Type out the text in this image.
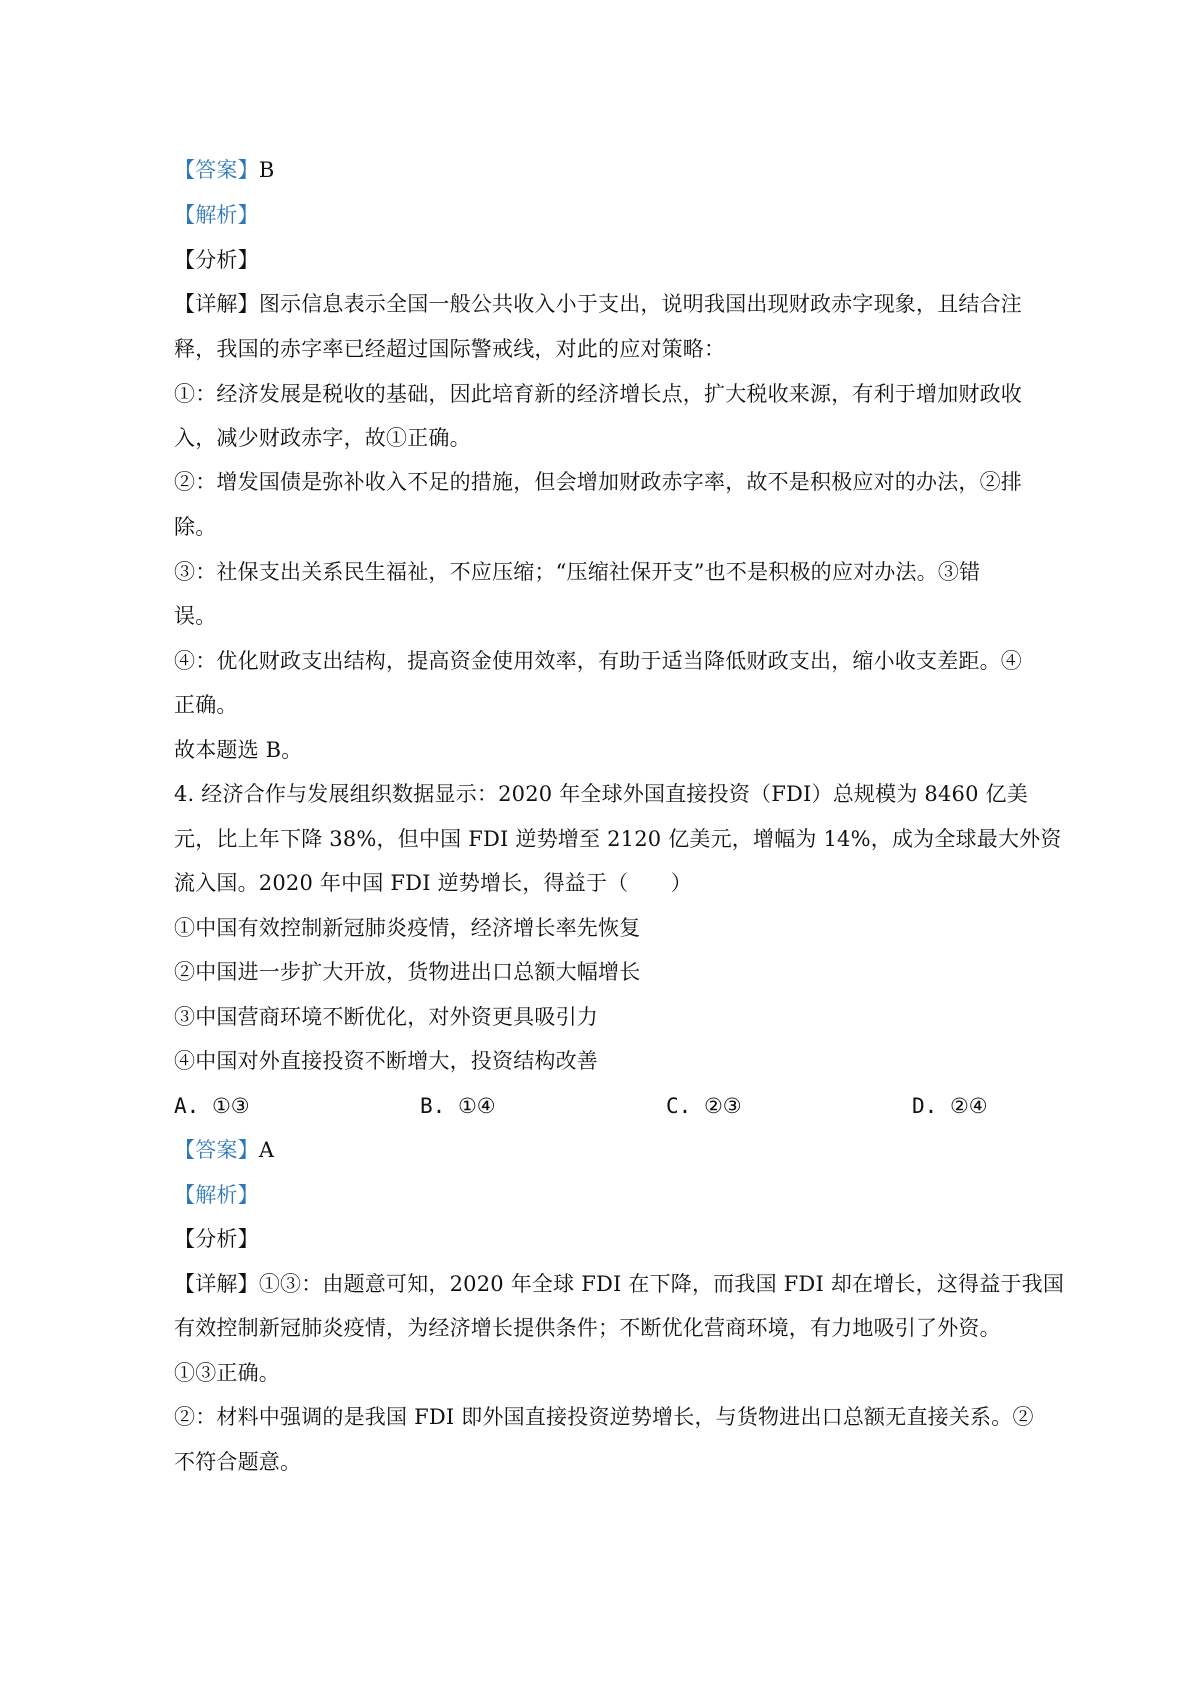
【答案】B
【解析】
【分析】
【详解】图示信息表示全国一般公共收入小于支出，说明我国出现财政赤字现象，且结合注
释，我国的赤字率已经超过国际警戒线，对此的应对策略：
①：经济发展是税收的基础，因此培育新的经济增长点，扩大税收来源，有利于增加财政收
入，减少财政赤字，故①正确。
②：增发国债是弥补收入不足的措施，但会增加财政赤字率，故不是积极应对的办法，②排
除。
③：社保支出关系民生福祉，不应压缩；“压缩社保开支”也不是积极的应对办法。③错
误。
④：优化财政支出结构，提高资金使用效率，有助于适当降低财政支出，缩小收支差距。④
正确。
故本题选 B。
4. 经济合作与发展组织数据显示：2020 年全球外国直接投资（FDI）总规模为 8460 亿美
元，比上年下降 38%，但中国 FDI 逆势增至 2120 亿美元，增幅为 14%，成为全球最大外资
流入国。2020 年中国 FDI 逆势增长，得益于（　　）
①中国有效控制新冠肺炎疫情，经济增长率先恢复
②中国进一步扩大开放，货物进出口总额大幅增长
③中国营商环境不断优化，对外资更具吸引力
④中国对外直接投资不断增大，投资结构改善
A. ①③	B. ①④	C. ②③	D. ②④
【答案】A
【解析】
【分析】
【详解】①③：由题意可知，2020 年全球 FDI 在下降，而我国 FDI 却在增长，这得益于我国
有效控制新冠肺炎疫情，为经济增长提供条件；不断优化营商环境，有力地吸引了外资。
①③正确。
②：材料中强调的是我国 FDI 即外国直接投资逆势增长，与货物进出口总额无直接关系。②
不符合题意。
